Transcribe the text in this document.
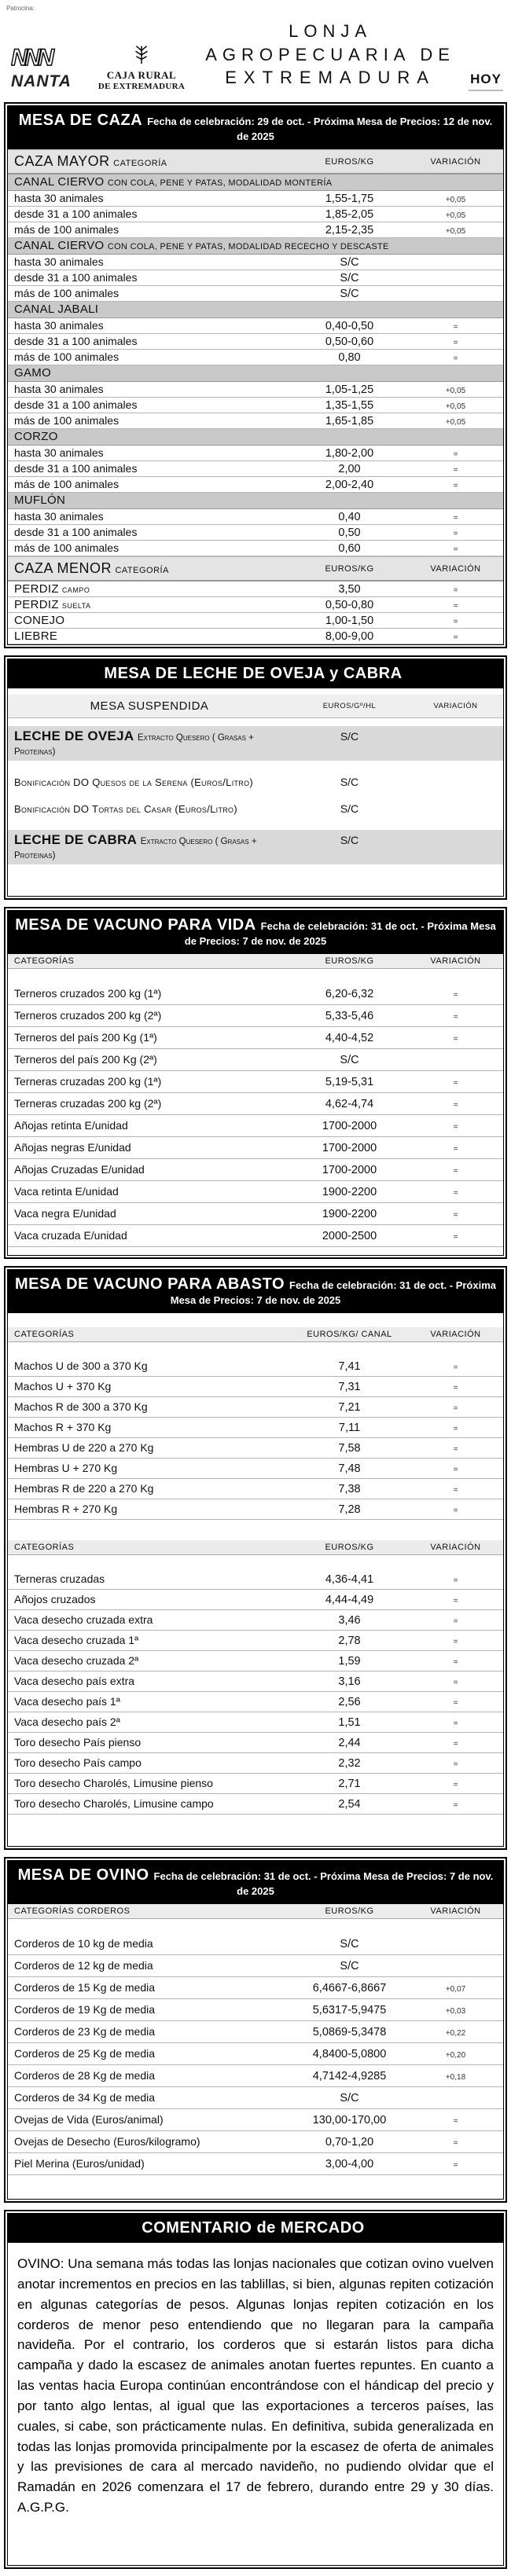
Patrocina:
NNN
NANTA	CAJA RURAL
DE EXTREMADURA
LONJA AGROPECUARIA DE
EXTREMADURA	HOY
MESA DE CAZA Fecha de celebración: 29 de oct. - Próxima Mesa de Precios: 12 de nov. de 2025
CAZA MAYOR CATEGORÍA	EUROS/KG	VARIACIÓN
CANAL CIERVO CON COLA, PENE Y PATAS, MODALIDAD MONTERÍA
hasta 30 animales	1,55-1,75	+0,05
desde 31 a 100 animales	1,85-2,05	+0,05
más de 100 animales	2,15-2,35	+0,05
CANAL CIERVO CON COLA, PENE Y PATAS, MODALIDAD RECECHO Y DESCASTE
hasta 30 animales	S/C
desde 31 a 100 animales	S/C
más de 100 animales	S/C
CANAL JABALI
hasta 30 animales	0,40-0,50	=
desde 31 a 100 animales	0,50-0,60	=
más de 100 animales	0,80	=
GAMO
hasta 30 animales	1,05-1,25	+0,05
desde 31 a 100 animales	1,35-1,55	+0,05
más de 100 animales	1,65-1,85	+0,05
CORZO
hasta 30 animales	1,80-2,00	=
desde 31 a 100 animales	2,00	=
más de 100 animales	2,00-2,40	=
MUFLÓN
hasta 30 animales	0,40	=
desde 31 a 100 animales	0,50	=
más de 100 animales	0,60	=
CAZA MENOR CATEGORÍA	EUROS/KG	VARIACIÓN
PERDIZ CAMPO	3,50	=
PERDIZ SUELTA	0,50-0,80	=
CONEJO	1,00-1,50	=
LIEBRE	8,00-9,00	=
MESA DE LECHE DE OVEJA y CABRA
MESA SUSPENDIDA	EUROS/Gº/HL	VARIACIÓN
LECHE DE OVEJA Extracto Quesero ( Grasas + Proteinas)
S/C
Bonificación DO Quesos de la Serena (Euros/Litro)	S/C
Bonificación DO Tortas del Casar (Euros/Litro)	S/C
LECHE DE CABRA Extracto Quesero ( Grasas + Proteinas)
S/C
MESA DE VACUNO PARA VIDA Fecha de celebración: 31 de oct. - Próxima Mesa de Precios: 7 de nov. de 2025
CATEGORÍAS	EUROS/KG	VARIACIÓN
Terneros cruzados 200 kg (1ª)	6,20-6,32	=
Terneros cruzados 200 kg (2ª)	5,33-5,46	=
Terneros del país 200 Kg (1ª)	4,40-4,52	=
Terneros del país 200 Kg (2ª)	S/C
Terneras cruzadas 200 kg (1ª)	5,19-5,31	=
Terneras cruzadas 200 kg (2ª)	4,62-4,74	=
Añojas retinta E/unidad	1700-2000	=
Añojas negras E/unidad	1700-2000	=
Añojas Cruzadas E/unidad	1700-2000	=
Vaca retinta E/unidad	1900-2200	=
Vaca negra E/unidad	1900-2200	=
Vaca cruzada E/unidad	2000-2500	=
MESA DE VACUNO PARA ABASTO Fecha de celebración: 31 de oct. - Próxima Mesa de Precios: 7 de nov. de 2025
CATEGORÍAS	EUROS/KG/ CANAL	VARIACIÓN
Machos U de 300 a 370 Kg	7,41	=
Machos U + 370 Kg	7,31	=
Machos R de 300 a 370 Kg	7,21	=
Machos R + 370 Kg	7,11	=
Hembras U de 220 a 270 Kg	7,58	=
Hembras U + 270 Kg	7,48	=
Hembras R de 220 a 270 Kg	7,38	=
Hembras R + 270 Kg	7,28	=
CATEGORÍAS	EUROS/KG	VARIACIÓN
Terneras cruzadas	4,36-4,41	=
Añojos cruzados	4,44-4,49	=
Vaca desecho cruzada extra	3,46	=
Vaca desecho cruzada 1ª	2,78	=
Vaca desecho cruzada 2ª	1,59	=
Vaca desecho país extra	3,16	=
Vaca desecho país 1ª	2,56	=
Vaca desecho país 2ª	1,51	=
Toro desecho País pienso	2,44	=
Toro desecho País campo	2,32	=
Toro desecho Charolés, Limusine pienso	2,71	=
Toro desecho Charolés, Limusine campo	2,54	=
MESA DE OVINO Fecha de celebración: 31 de oct. - Próxima Mesa de Precios: 7 de nov. de 2025
CATEGORÍAS CORDEROS	EUROS/KG	VARIACIÓN
Corderos de 10 kg de media	S/C
Corderos de 12 kg de media	S/C
Corderos de 15 Kg de media	6,4667-6,8667	+0,07
Corderos de 19 Kg de media	5,6317-5,9475	+0,03
Corderos de 23 Kg de media	5,0869-5,3478	+0,22
Corderos de 25 Kg de media	4,8400-5,0800	+0,20
Corderos de 28 Kg de media	4,7142-4,9285	+0,18
Corderos de 34 Kg de media	S/C
Ovejas de Vida (Euros/animal)	130,00-170,00	=
Ovejas de Desecho (Euros/kilogramo)	0,70-1,20	=
Piel Merina (Euros/unidad)	3,00-4,00	=
COMENTARIO de MERCADO
OVINO: Una semana más todas las lonjas nacionales que cotizan ovino vuelven anotar incrementos en precios en las tablillas, si bien, algunas repiten cotización en algunas categorías de pesos. Algunas lonjas repiten cotización en los corderos de menor peso entendiendo que no llegaran para la campaña navideña. Por el contrario, los corderos que si estarán listos para dicha campaña y dado la escasez de animales anotan fuertes repuntes. En cuanto a las ventas hacia Europa continúan encontrándose con el hándicap del precio y por tanto algo lentas, al igual que las exportaciones a terceros países, las cuales, si cabe, son prácticamente nulas. En definitiva, subida generalizada en todas las lonjas promovida principalmente por la escasez de oferta de animales y las previsiones de cara al mercado navideño, no pudiendo olvidar que el Ramadán en 2026 comenzara el 17 de febrero, durando entre 29 y 30 días. A.G.P.G.
